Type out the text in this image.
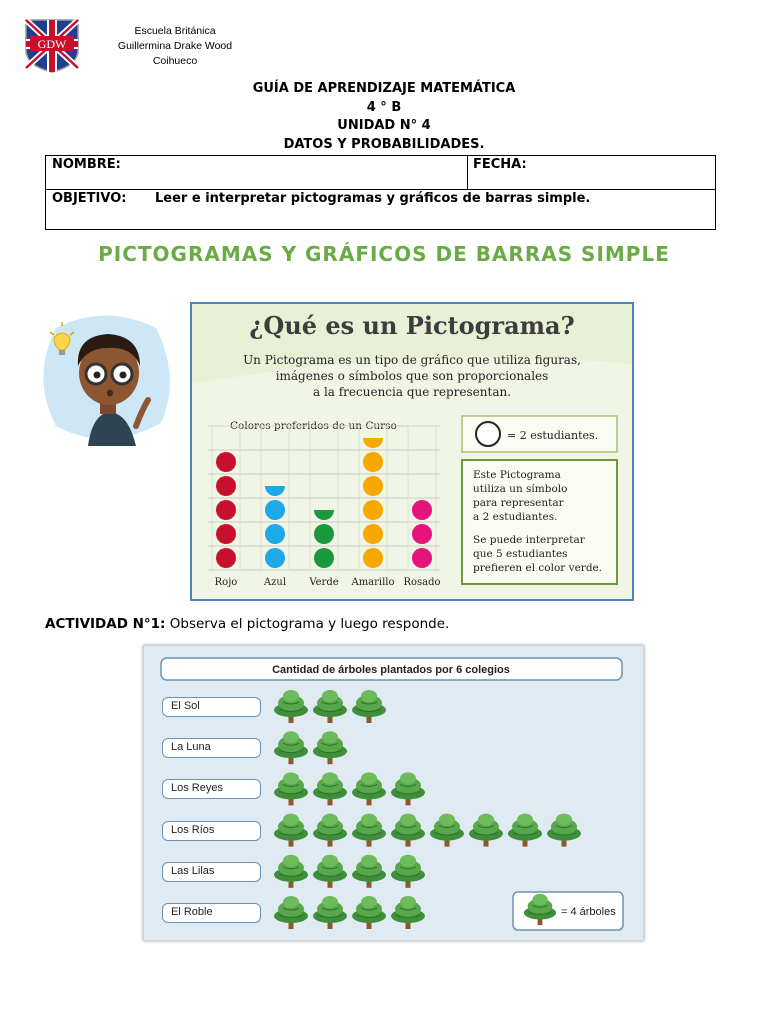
GDW
Escuela Británica
Guillermina Drake Wood
Coihueco
GUÍA DE APRENDIZAJE MATEMÁTICA
4 ° B
UNIDAD N° 4
DATOS Y PROBABILIDADES.
NOMBRE:	FECHA:
OBJETIVO: Leer e interpretar pictogramas y gráficos de barras simple.
PICTOGRAMAS Y GRÁFICOS DE BARRAS SIMPLE
¿Qué es un Pictograma?
Un Pictograma es un tipo de gráfico que utiliza figuras,
imágenes o símbolos que son proporcionales
a la frecuencia que representan.
Colores preferidos de un Curso
Rojo	Azul Verde Amarillo Rosado
= 2 estudiantes.
Este Pictograma
utiliza un símbolo
para representar
a 2 estudiantes.
Se puede interpretar
que 5 estudiantes
prefieren el color verde.
ACTIVIDAD N°1: Observa el pictograma y luego responde.
Cantidad de árboles plantados por 6 colegios
= 4 árboles
El Sol
La Luna
Los Reyes
Los Ríos
Las Lilas
El Roble
